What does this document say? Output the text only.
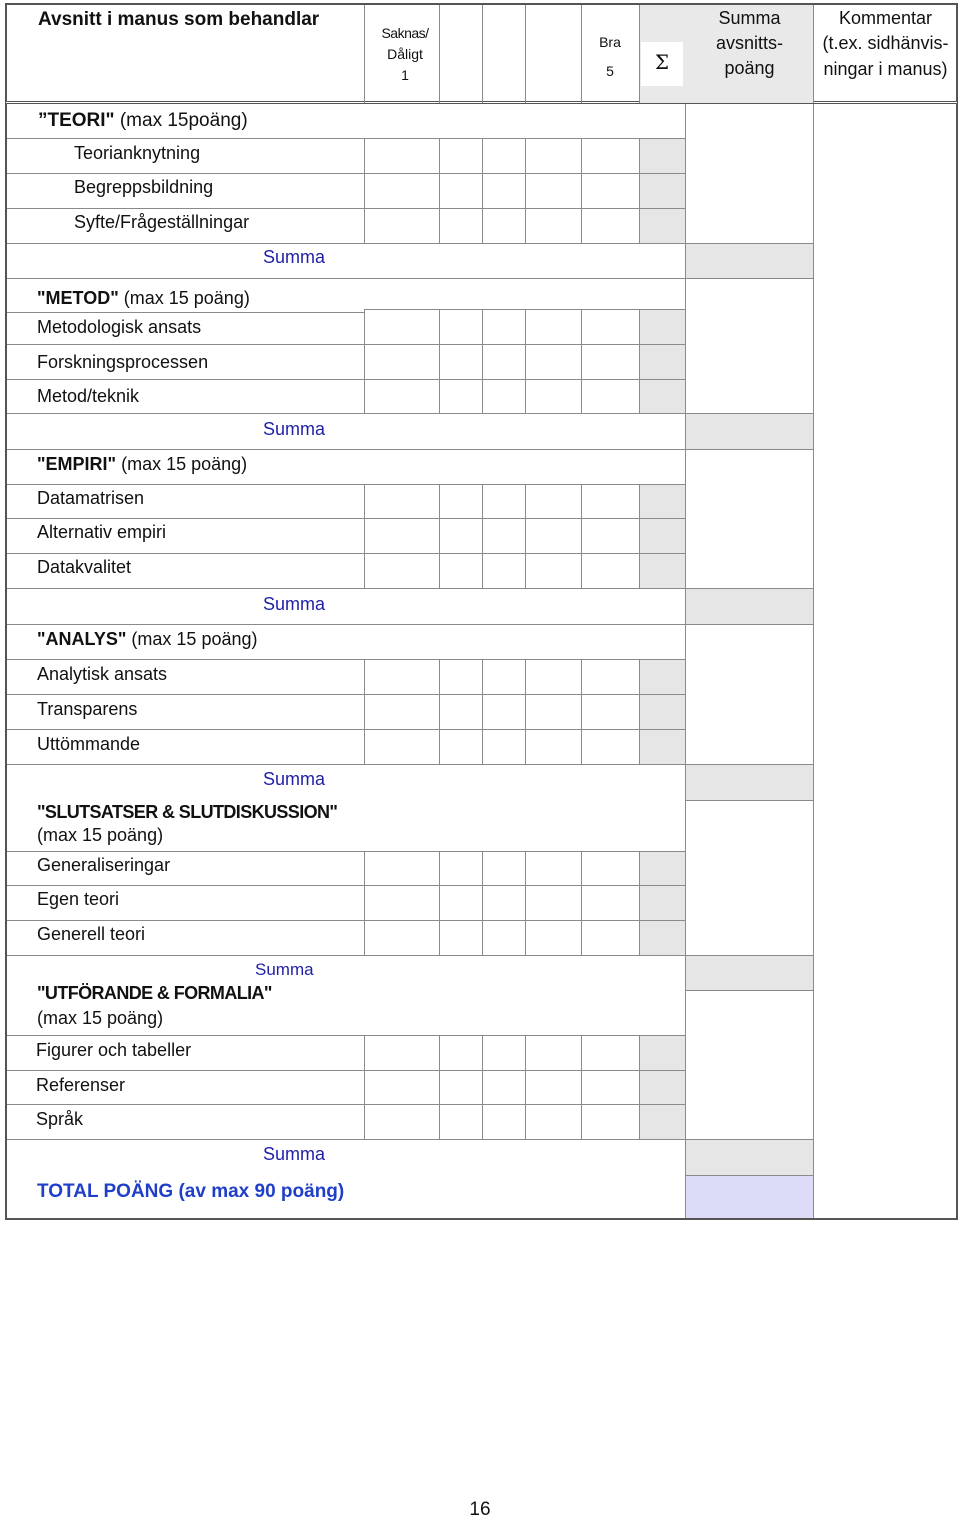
Avsnitt i manus som behandlar
Saknas/
Dåligt
1
Bra
5	Σ
Summa
avsnitts-
poäng
Kommentar
(t.ex. sidhänvis-
ningar i manus)
”TEORI" (max 15poäng)
Teorianknytning
Begreppsbildning
Syfte/Frågeställningar
Summa
"METOD" (max 15 poäng)
Metodologisk ansats
Forskningsprocessen
Metod/teknik
Summa
"EMPIRI" (max 15 poäng)
Datamatrisen
Alternativ empiri
Datakvalitet
Summa
"ANALYS" (max 15 poäng)
Analytisk ansats
Transparens
Uttömmande
Summa
"SLUTSATSER & SLUTDISKUSSION"
(max 15 poäng)
Generaliseringar
Egen teori
Generell teori
Summa
"UTFÖRANDE & FORMALIA"
(max 15 poäng)
Figurer och tabeller
Referenser
Språk
Summa
TOTAL POÄNG (av max 90 poäng)
16
